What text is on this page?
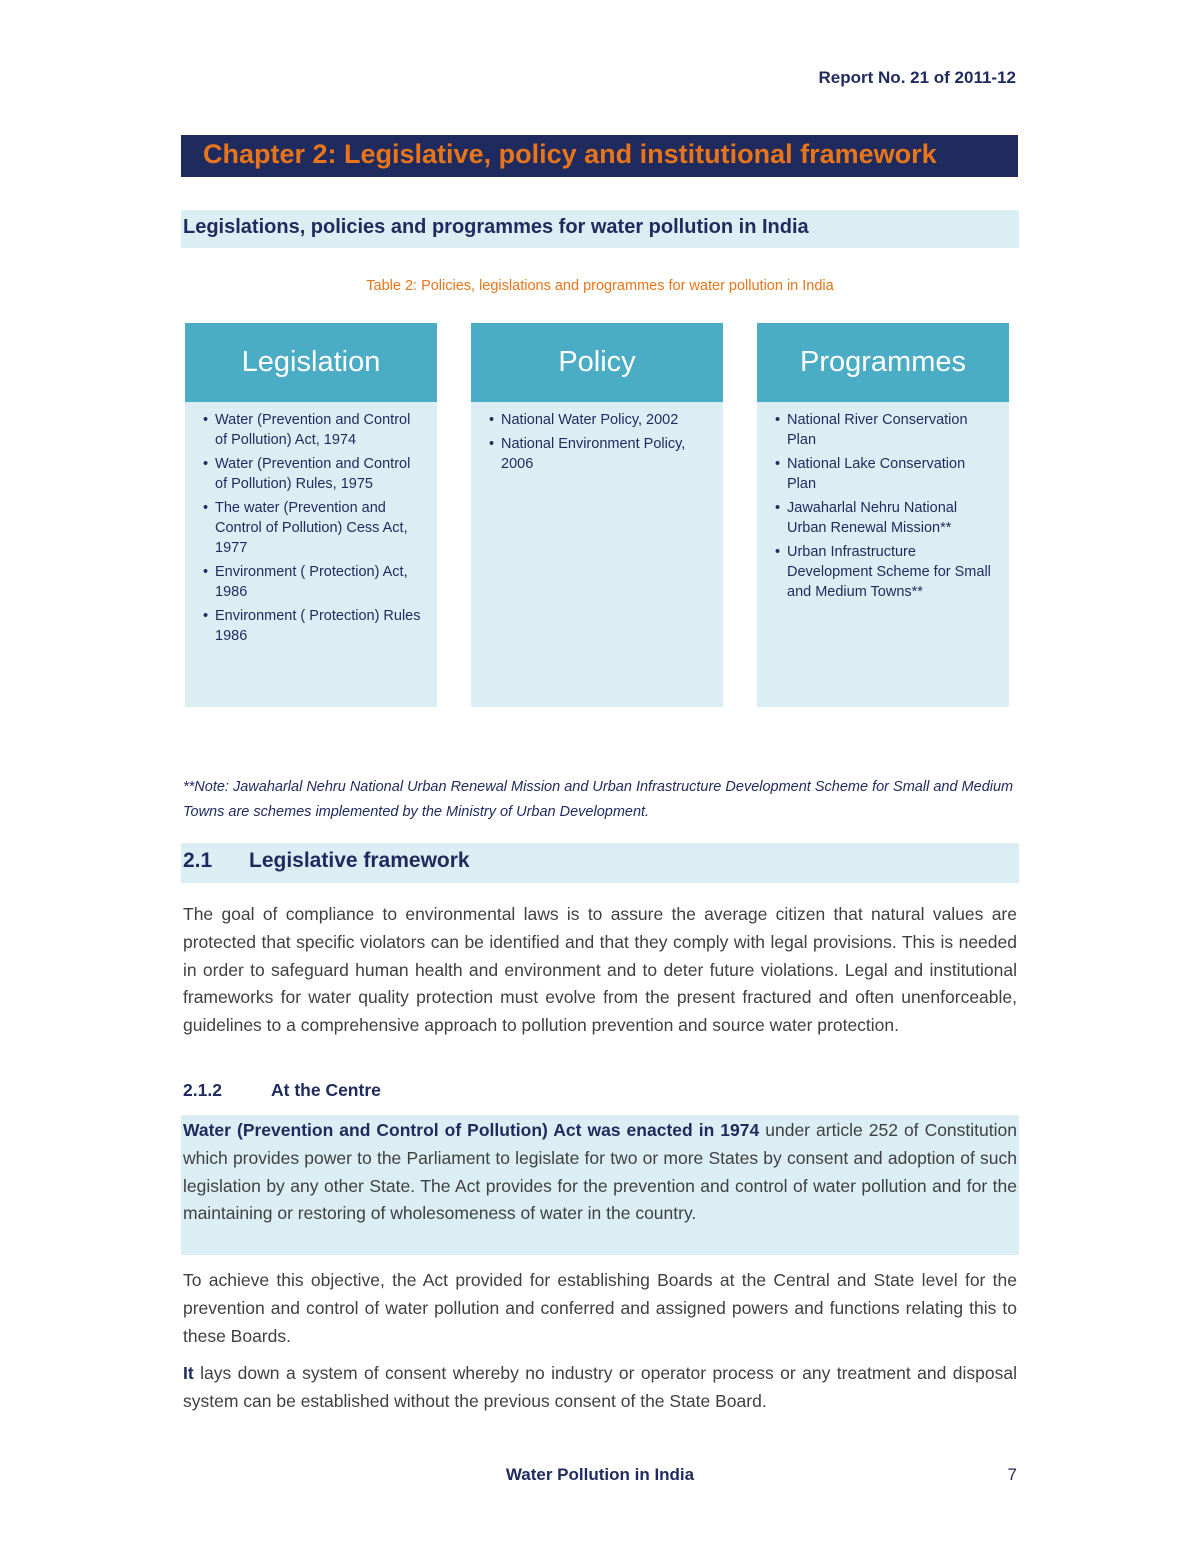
Report No. 21 of 2011-12
Chapter 2: Legislative, policy and institutional framework
Legislations, policies and programmes for water pollution in India
Table 2: Policies, legislations and programmes for water pollution in India
Legislation
• Water (Prevention and Control of Pollution) Act, 1974
• Water (Prevention and Control of Pollution) Rules, 1975
• The water (Prevention and Control of Pollution) Cess Act, 1977
• Environment ( Protection) Act, 1986
• Environment ( Protection) Rules 1986
Policy
• National Water Policy, 2002
• National Environment Policy, 2006
Programmes
• National River Conservation Plan
• National Lake Conservation Plan
• Jawaharlal Nehru National Urban Renewal Mission**
• Urban Infrastructure Development Scheme for Small and Medium Towns**
**Note: Jawaharlal Nehru National Urban Renewal Mission and Urban Infrastructure Development Scheme for Small and Medium Towns are schemes implemented by the Ministry of Urban Development.
2.1 Legislative framework
The goal of compliance to environmental laws is to assure the average citizen that natural values are protected that specific violators can be identified and that they comply with legal provisions. This is needed in order to safeguard human health and environment and to deter future violations. Legal and institutional frameworks for water quality protection must evolve from the present fractured and often unenforceable, guidelines to a comprehensive approach to pollution prevention and source water protection.
2.1.2	At the Centre
Water (Prevention and Control of Pollution) Act was enacted in 1974 under article 252 of Constitution which provides power to the Parliament to legislate for two or more States by consent and adoption of such legislation by any other State. The Act provides for the prevention and control of water pollution and for the maintaining or restoring of wholesomeness of water in the country.
To achieve this objective, the Act provided for establishing Boards at the Central and State level for the prevention and control of water pollution and conferred and assigned powers and functions relating this to these Boards.
It lays down a system of consent whereby no industry or operator process or any treatment and disposal system can be established without the previous consent of the State Board.
Water Pollution in India	7
